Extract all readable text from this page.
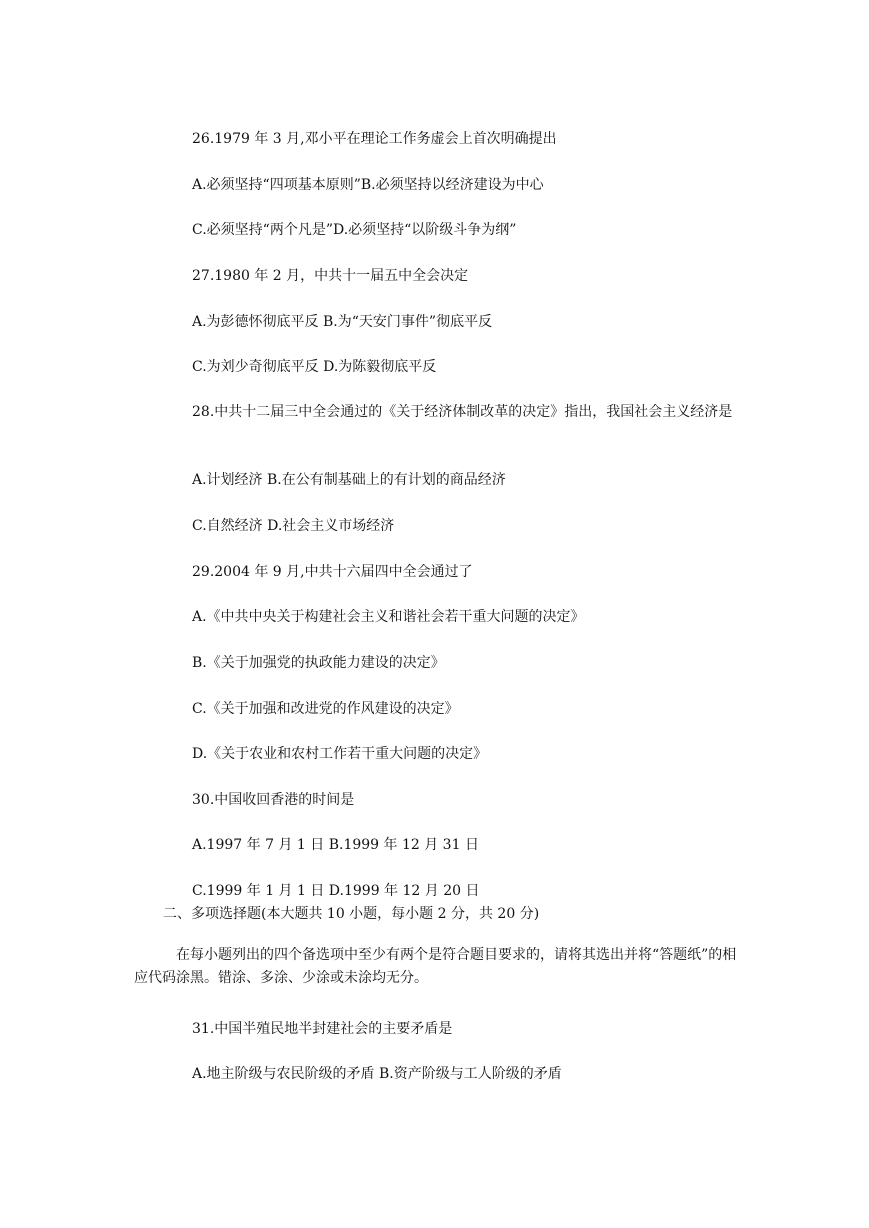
26.1979 年 3 月,邓小平在理论工作务虚会上首次明确提出

A.必须坚持“四项基本原则”B.必须坚持以经济建设为中心

C.必须坚持“两个凡是”D.必须坚持“以阶级斗争为纲”

27.1980 年 2 月，中共十一届五中全会决定

A.为彭德怀彻底平反 B.为“天安门事件”彻底平反

C.为刘少奇彻底平反 D.为陈毅彻底平反

28.中共十二届三中全会通过的《关于经济体制改革的决定》指出，我国社会主义经济是

A.计划经济 B.在公有制基础上的有计划的商品经济

C.自然经济 D.社会主义市场经济

29.2004 年 9 月,中共十六届四中全会通过了

A.《中共中央关于构建社会主义和谐社会若干重大问题的决定》

B.《关于加强党的执政能力建设的决定》

C.《关于加强和改进党的作风建设的决定》

D.《关于农业和农村工作若干重大问题的决定》

30.中国收回香港的时间是

A.1997 年 7 月 1 日 B.1999 年 12 月 31 日

C.1999 年 1 月 1 日 D.1999 年 12 月 20 日

二、多项选择题(本大题共 10 小题，每小题 2 分，共 20 分)

在每小题列出的四个备选项中至少有两个是符合题目要求的，请将其选出并将“答题纸”的相应代码涂黑。错涂、多涂、少涂或未涂均无分。

31.中国半殖民地半封建社会的主要矛盾是

A.地主阶级与农民阶级的矛盾 B.资产阶级与工人阶级的矛盾
